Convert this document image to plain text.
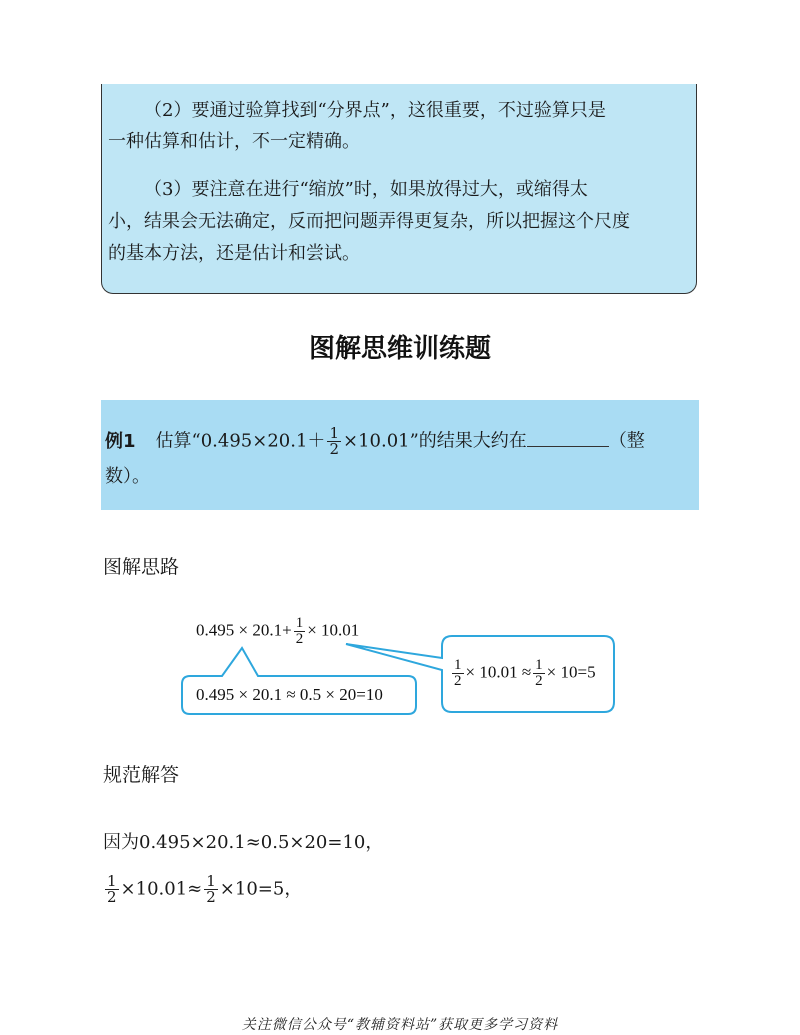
（2）要通过验算找到“分界点”，这很重要，不过验算只是

一种估算和估计，不一定精确。

（3）要注意在进行“缩放”时，如果放得过大，或缩得太

小，结果会无法确定，反而把问题弄得更复杂，所以把握这个尺度

的基本方法，还是估计和尝试。

图解思维训练题
例1 估算“$0.495\times 20.1+ \frac{1}{2} \times 10.01$”的结果大约在	（整
数）。
图解思路
$0.495 \times 20.1+ \frac{1}{2} \times 10.01$
0.495 × 20.1 ≈ 0.5 × 20=10
$\frac{1}{2} \times 10.01 \approx \frac{1}{2} \times 10=5$
规范解答
因为0.495×20.1≈0.5×20=10，
$\frac{1}{2} \times 10.01\approx \frac{1}{2} \times 10=5$，
关注微信公众号“教辅资料站”获取更多学习资料
